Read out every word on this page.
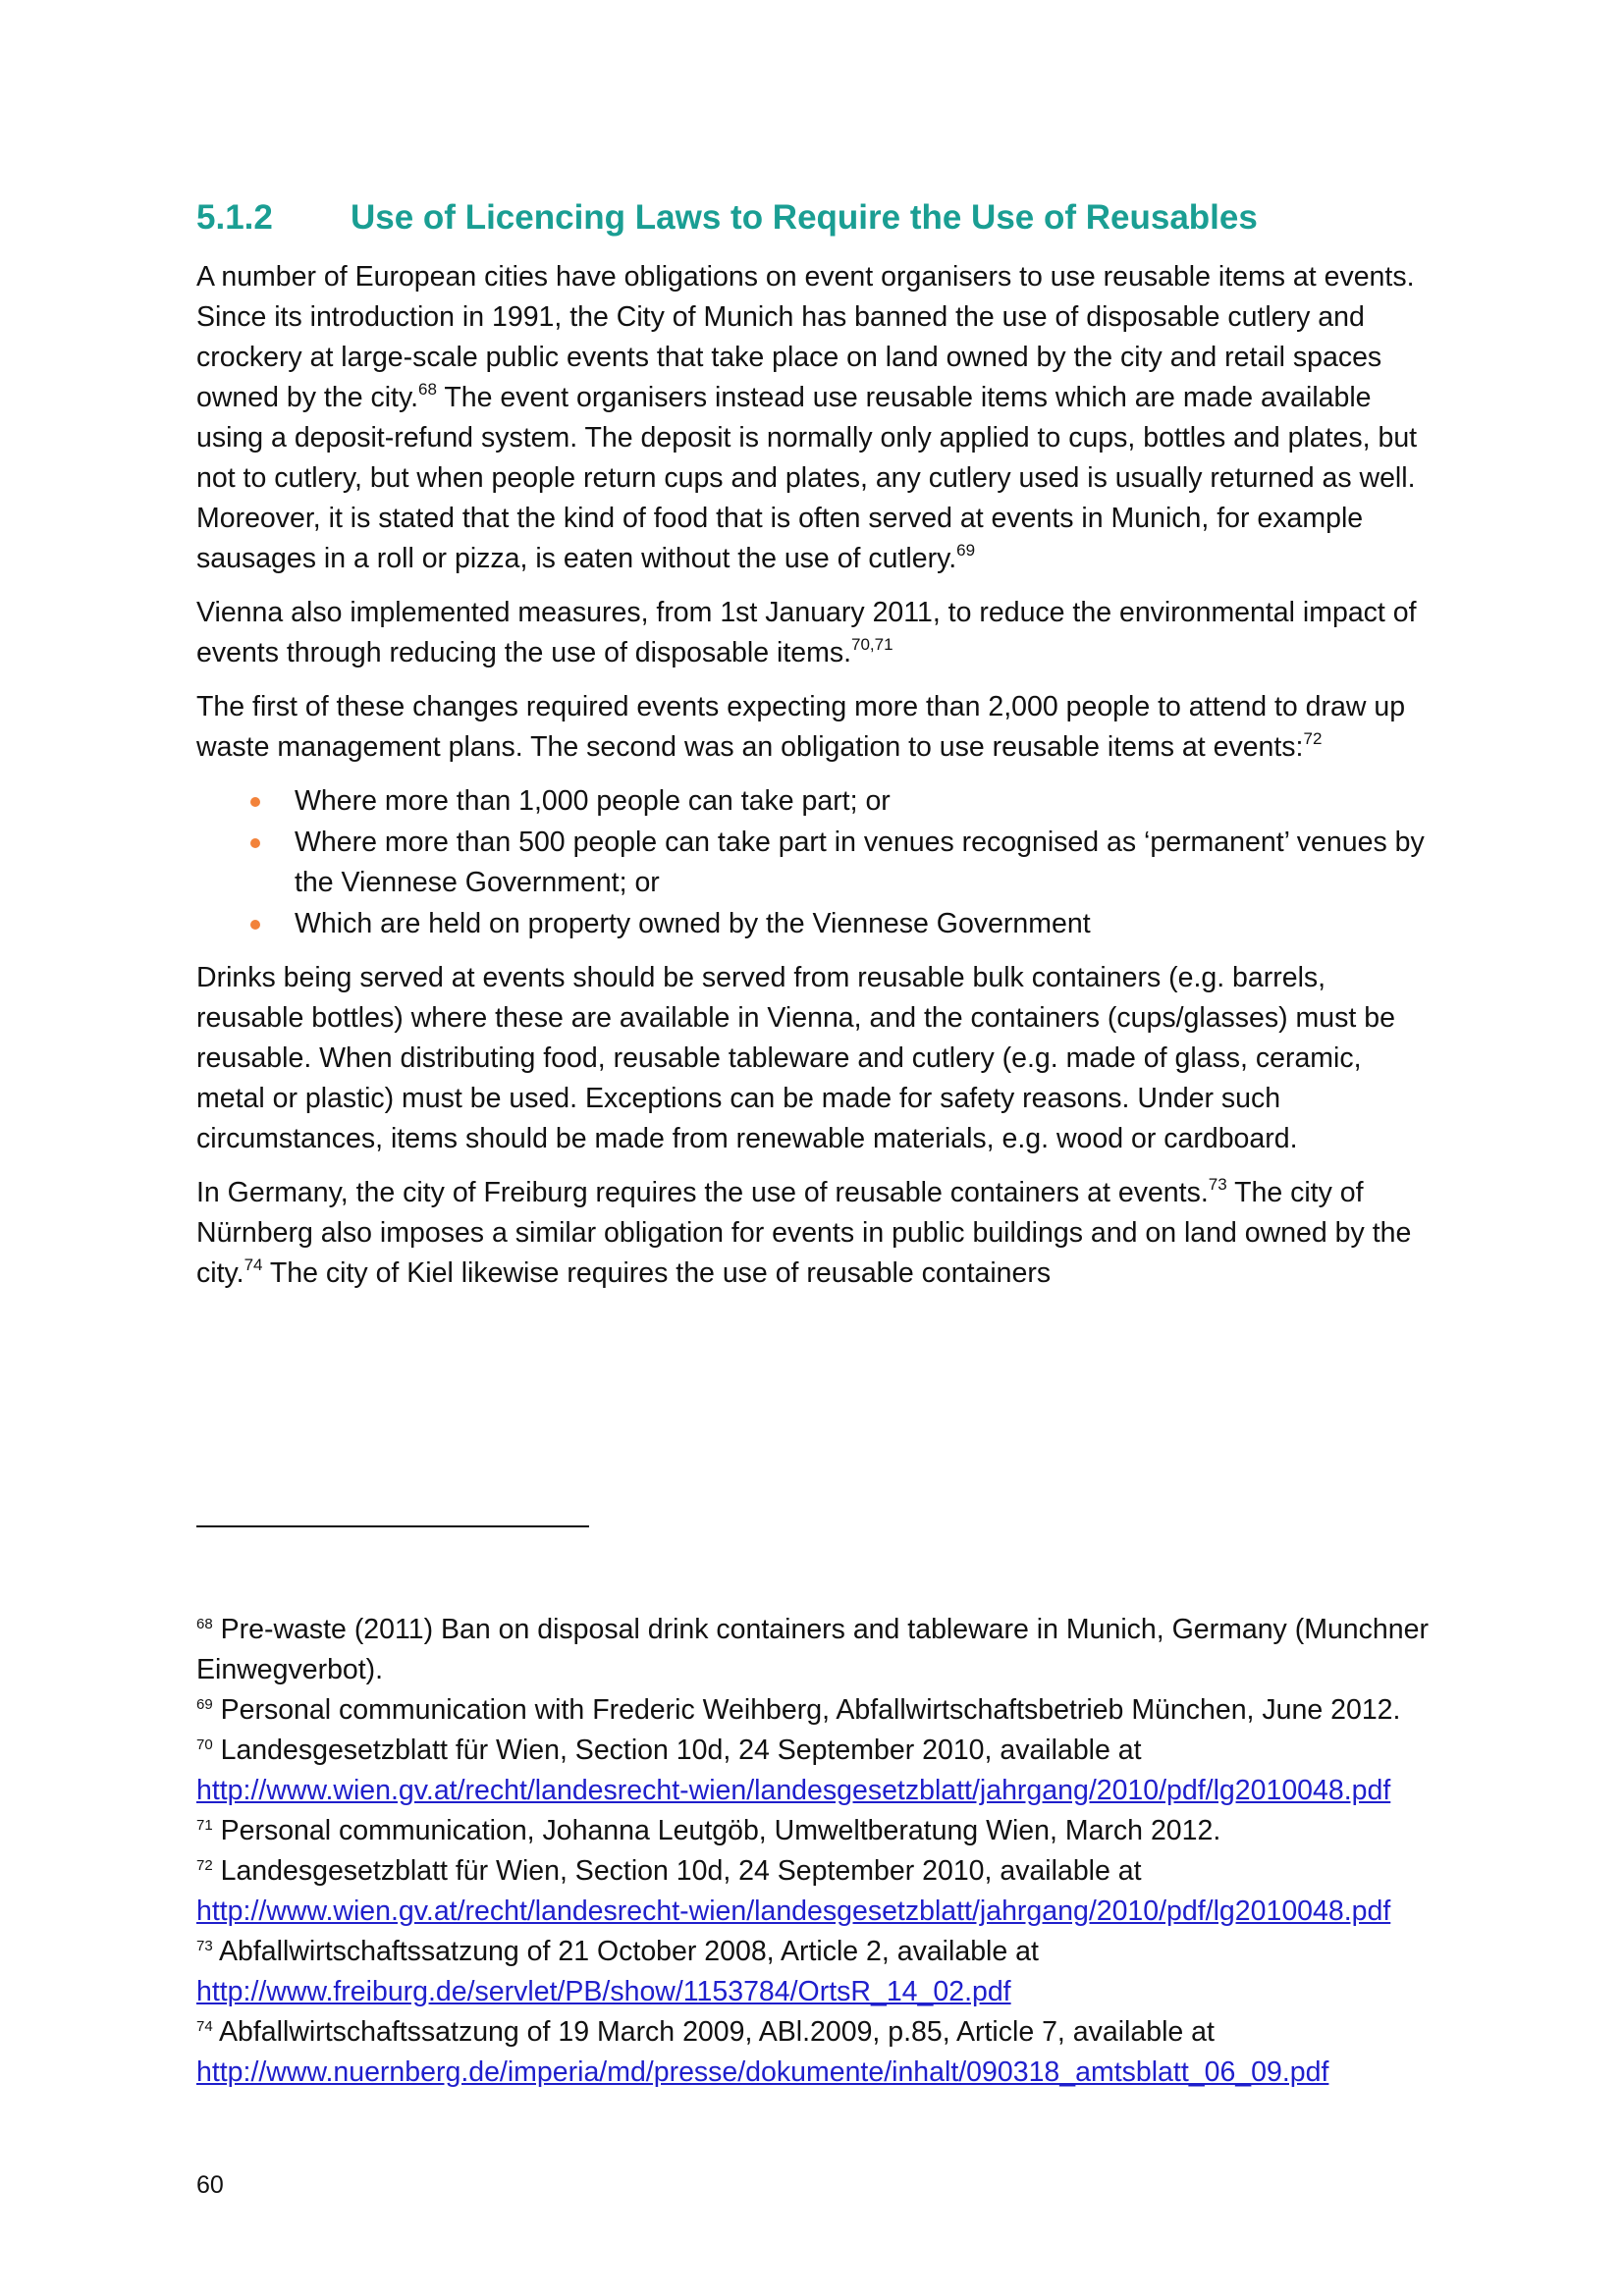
5.1.2	Use of Licencing Laws to Require the Use of Reusables

A number of European cities have obligations on event organisers to use reusable items at events. Since its introduction in 1991, the City of Munich has banned the use of disposable cutlery and crockery at large-scale public events that take place on land owned by the city and retail spaces owned by the city.$^{68}$ The event organisers instead use reusable items which are made available using a deposit-refund system. The deposit is normally only applied to cups, bottles and plates, but not to cutlery, but when people return cups and plates, any cutlery used is usually returned as well. Moreover, it is stated that the kind of food that is often served at events in Munich, for example sausages in a roll or pizza, is eaten without the use of cutlery.$^{69}$

Vienna also implemented measures, from 1st January 2011, to reduce the environmental impact of events through reducing the use of disposable items.$^{70,71}$

The first of these changes required events expecting more than 2,000 people to attend to draw up waste management plans. The second was an obligation to use reusable items at events:$^{72}$

Where more than 1,000 people can take part; or
Where more than 500 people can take part in venues recognised as ‘permanent’ venues by the Viennese Government; or
Which are held on property owned by the Viennese Government

Drinks being served at events should be served from reusable bulk containers (e.g. barrels, reusable bottles) where these are available in Vienna, and the containers (cups/glasses) must be reusable. When distributing food, reusable tableware and cutlery (e.g. made of glass, ceramic, metal or plastic) must be used. Exceptions can be made for safety reasons. Under such circumstances, items should be made from renewable materials, e.g. wood or cardboard.

In Germany, the city of Freiburg requires the use of reusable containers at events.$^{73}$ The city of Nürnberg also imposes a similar obligation for events in public buildings and on land owned by the city.$^{74}$ The city of Kiel likewise requires the use of reusable containers

$^{68}$ Pre-waste (2011) Ban on disposal drink containers and tableware in Munich, Germany (Munchner Einwegverbot).

$^{69}$ Personal communication with Frederic Weihberg, Abfallwirtschaftsbetrieb München, June 2012.

$^{70}$ Landesgesetzblatt für Wien, Section 10d, 24 September 2010, available at
http://www.wien.gv.at/recht/landesrecht-wien/landesgesetzblatt/jahrgang/2010/pdf/lg2010048.pdf

$^{71}$ Personal communication, Johanna Leutgöb, Umweltberatung Wien, March 2012.

$^{72}$ Landesgesetzblatt für Wien, Section 10d, 24 September 2010, available at
http://www.wien.gv.at/recht/landesrecht-wien/landesgesetzblatt/jahrgang/2010/pdf/lg2010048.pdf

$^{73}$ Abfallwirtschaftssatzung of 21 October 2008, Article 2, available at
http://www.freiburg.de/servlet/PB/show/1153784/OrtsR_14_02.pdf

$^{74}$ Abfallwirtschaftssatzung of 19 March 2009, ABl.2009, p.85, Article 7, available at
http://www.nuernberg.de/imperia/md/presse/dokumente/inhalt/090318_amtsblatt_06_09.pdf

60
